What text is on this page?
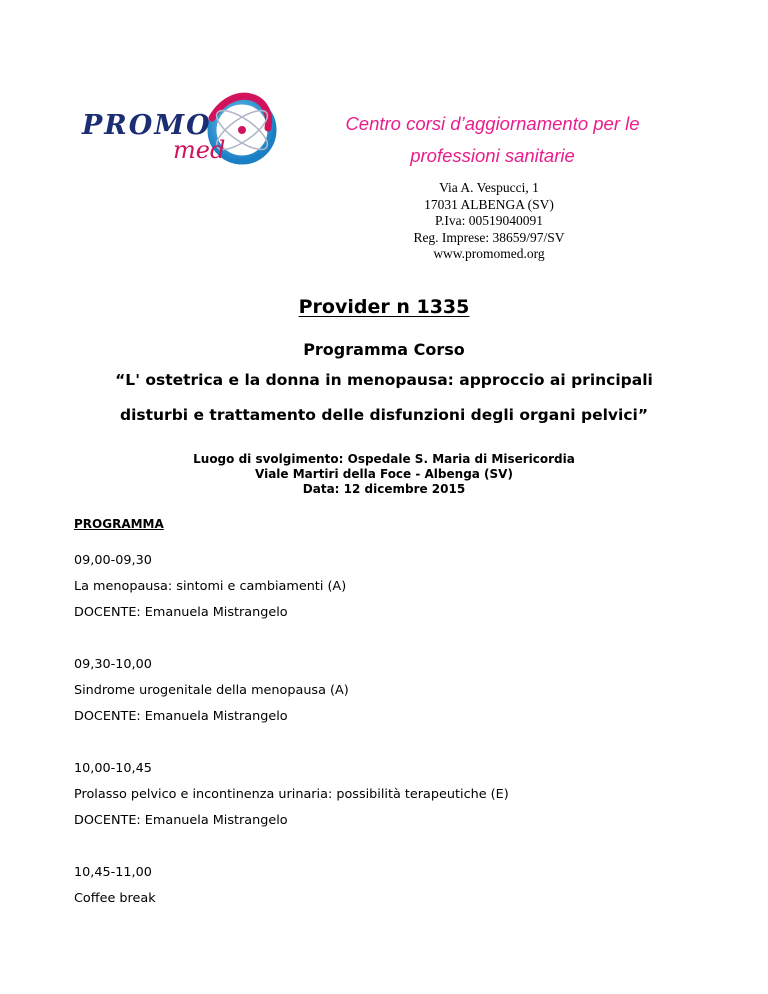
PROMO
med
Centro corsi d’aggiornamento per le
professioni sanitarie
Via A. Vespucci, 1
17031 ALBENGA (SV)
P.Iva: 00519040091
Reg. Imprese: 38659/97/SV
www.promomed.org
Provider n 1335
Programma Corso
“L' ostetrica e la donna in menopausa: approccio ai principali
disturbi e trattamento delle disfunzioni degli organi pelvici”
Luogo di svolgimento: Ospedale S. Maria di Misericordia
Viale Martiri della Foce - Albenga (SV)
Data: 12 dicembre 2015
PROGRAMMA
09,00-09,30
La menopausa: sintomi e cambiamenti (A)
DOCENTE: Emanuela Mistrangelo
09,30-10,00
Sindrome urogenitale della menopausa (A)
DOCENTE: Emanuela Mistrangelo
10,00-10,45
Prolasso pelvico e incontinenza urinaria: possibilità terapeutiche (E)
DOCENTE: Emanuela Mistrangelo
10,45-11,00
Coffee break
